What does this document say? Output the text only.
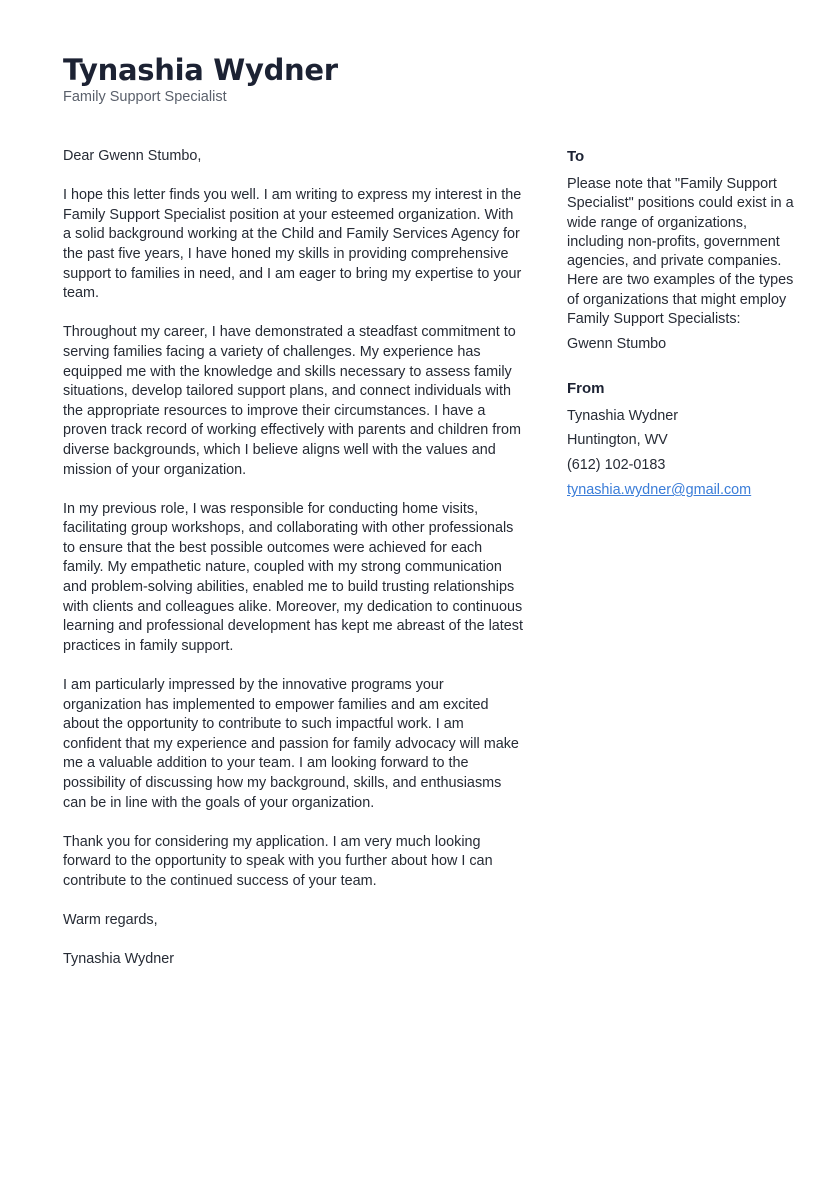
Tynashia Wydner

Family Support Specialist

Dear Gwenn Stumbo,

I hope this letter finds you well. I am writing to express my interest in the Family Support Specialist position at your esteemed organization. With a solid background working at the Child and Family Services Agency for the past five years, I have honed my skills in providing comprehensive support to families in need, and I am eager to bring my expertise to your team.

Throughout my career, I have demonstrated a steadfast commitment to serving families facing a variety of challenges. My experience has equipped me with the knowledge and skills necessary to assess family situations, develop tailored support plans, and connect individuals with the appropriate resources to improve their circumstances. I have a proven track record of working effectively with parents and children from diverse backgrounds, which I believe aligns well with the values and mission of your organization.

In my previous role, I was responsible for conducting home visits, facilitating group workshops, and collaborating with other professionals to ensure that the best possible outcomes were achieved for each family. My empathetic nature, coupled with my strong communication and problem-solving abilities, enabled me to build trusting relationships with clients and colleagues alike. Moreover, my dedication to continuous learning and professional development has kept me abreast of the latest practices in family support.

I am particularly impressed by the innovative programs your organization has implemented to empower families and am excited about the opportunity to contribute to such impactful work. I am confident that my experience and passion for family advocacy will make me a valuable addition to your team. I am looking forward to the possibility of discussing how my background, skills, and enthusiasms can be in line with the goals of your organization.

Thank you for considering my application. I am very much looking forward to the opportunity to speak with you further about how I can contribute to the continued success of your team.

Warm regards,

Tynashia Wydner

To
Please note that "Family Support Specialist" positions could exist in a wide range of organizations, including non-profits, government agencies, and private companies. Here are two examples of the types of organizations that might employ Family Support Specialists:
Gwenn Stumbo
From
Tynashia Wydner
Huntington, WV
(612) 102-0183
tynashia.wydner@gmail.com
